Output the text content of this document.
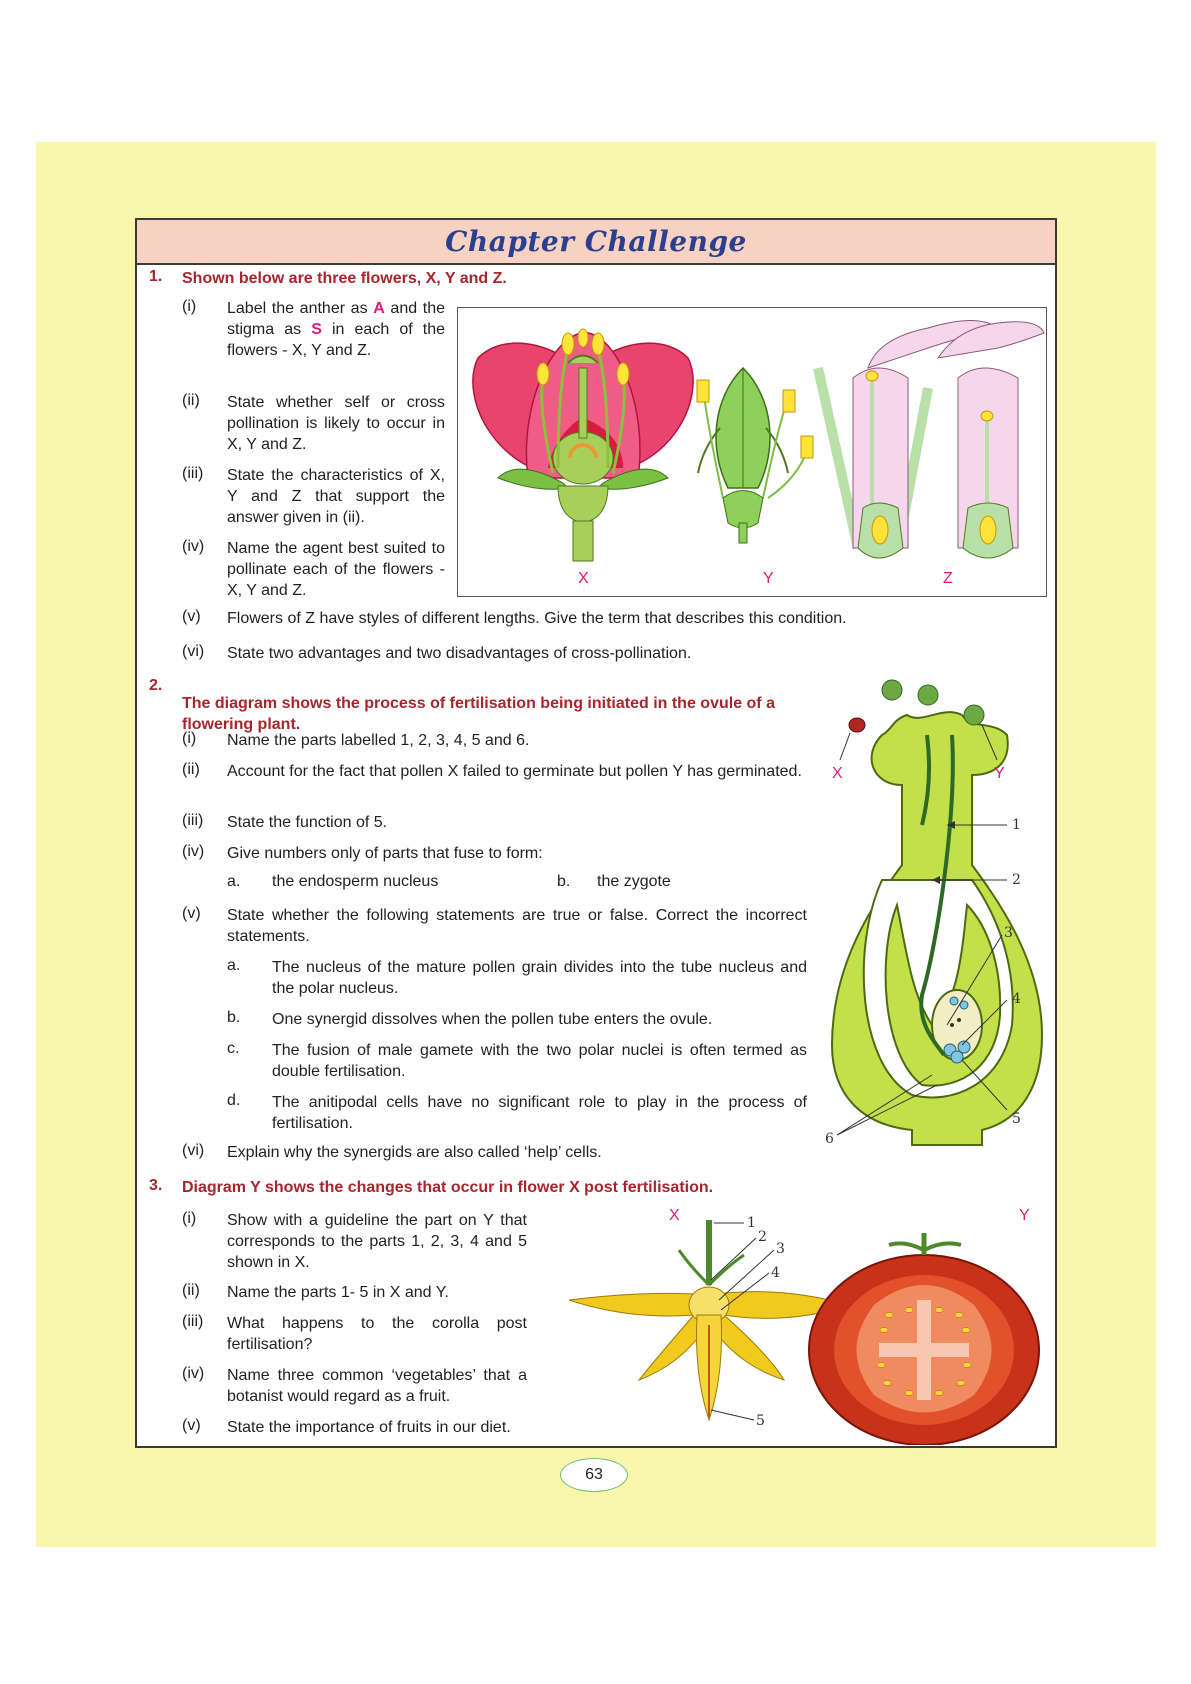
Chapter Challenge
1. Shown below are three flowers, X, Y and Z.
(i) Label the anther as A and the stigma as S in each of the flowers - X, Y and Z.

(ii) State whether self or cross pollination is likely to occur in X, Y and Z.

(iii) State the characteristics of X, Y and Z that support the answer given in (ii).

(iv) Name the agent best suited to pollinate each of the flowers - X, Y and Z.

(v) Flowers of Z have styles of different lengths. Give the term that describes this condition.

(vi) State two advantages and two disadvantages of cross-pollination.

X	Y	Z
2.

The diagram shows the process of fertilisation being initiated in the ovule of a flowering plant.

(i) Name the parts labelled 1, 2, 3, 4, 5 and 6.

(ii) Account for the fact that pollen X failed to germinate but pollen Y has germinated.

(iii) State the function of 5.

(iv) Give numbers only of parts that fuse to form:

a. the endosperm nucleus	b. the zygote
(v) State whether the following statements are true or false. Correct the incorrect statements.

a. The nucleus of the mature pollen grain divides into the tube nucleus and the polar nucleus.

b. One synergid dissolves when the pollen tube enters the ovule.

c. The fusion of male gamete with the two polar nuclei is often termed as double fertilisation.

d. The anitipodal cells have no significant role to play in the process of fertilisation.

(vi) Explain why the synergids are also called ‘help’ cells.

X	Y
1
2
3
4
5
6
3. Diagram Y shows the changes that occur in flower X post fertilisation.
(i) Show with a guideline the part on Y that corresponds to the parts 1, 2, 3, 4 and 5 shown in X.

(ii) Name the parts 1- 5 in X and Y.

(iii) What happens to the corolla post fertilisation?

(iv) Name three common ‘vegetables’ that a botanist would regard as a fruit.

(v) State the importance of fruits in our diet.

X	Y
1
2
3
4
5
63
